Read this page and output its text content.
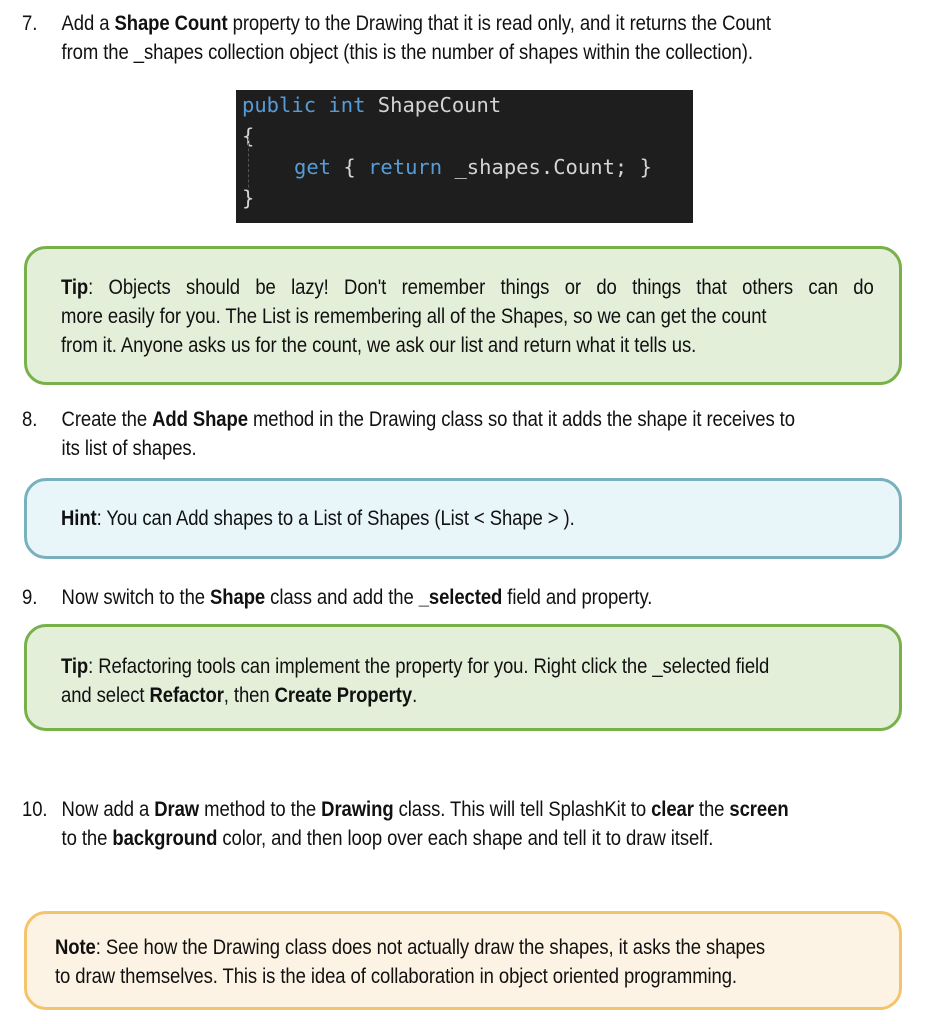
7. Add a Shape Count property to the Drawing that it is read only, and it returns the Count
from the _shapes collection object (this is the number of shapes within the collection).
public int ShapeCount
{
get { return _shapes.Count; }
}
Tip: Objects should be lazy! Don't remember things or do things that others can do
more easily for you. The List is remembering all of the Shapes, so we can get the count
from it. Anyone asks us for the count, we ask our list and return what it tells us.
8. Create the Add Shape method in the Drawing class so that it adds the shape it receives to
its list of shapes.
Hint: You can Add shapes to a List of Shapes (List < Shape > ).
9. Now switch to the Shape class and add the _selected field and property.
Tip: Refactoring tools can implement the property for you. Right click the _selected field
and select Refactor, then Create Property.
10. Now add a Draw method to the Drawing class. This will tell SplashKit to clear the screen
to the background color, and then loop over each shape and tell it to draw itself.
Note: See how the Drawing class does not actually draw the shapes, it asks the shapes
to draw themselves. This is the idea of collaboration in object oriented programming.
